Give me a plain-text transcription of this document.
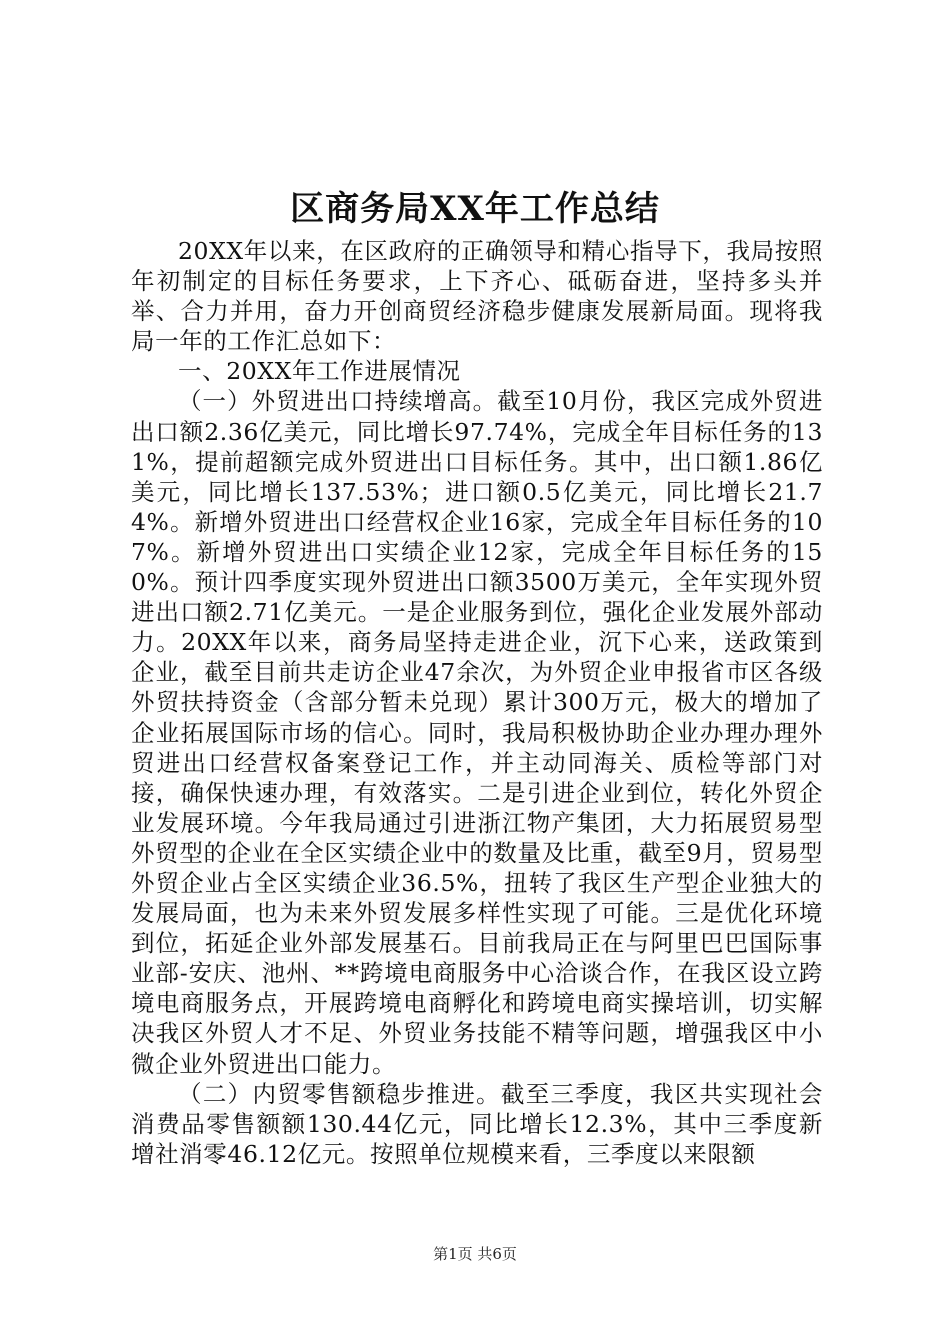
区商务局XX年工作总结

20XX年以来，在区政府的正确领导和精心指导下，我局按照年初制定的目标任务要求，上下齐心、砥砺奋进，坚持多头并举、合力并用，奋力开创商贸经济稳步健康发展新局面。现将我局一年的工作汇总如下：

一、20XX年工作进展情况

（一）外贸进出口持续增高。截至10月份，我区完成外贸进出口额2.36亿美元，同比增长97.74%，完成全年目标任务的131%，提前超额完成外贸进出口目标任务。其中，出口额1.86亿美元，同比增长137.53%；进口额0.5亿美元，同比增长21.74%。新增外贸进出口经营权企业16家，完成全年目标任务的107%。新增外贸进出口实绩企业12家，完成全年目标任务的150%。预计四季度实现外贸进出口额3500万美元，全年实现外贸进出口额2.71亿美元。一是企业服务到位，强化企业发展外部动力。20XX年以来，商务局坚持走进企业，沉下心来，送政策到企业，截至目前共走访企业47余次，为外贸企业申报省市区各级外贸扶持资金（含部分暂未兑现）累计300万元，极大的增加了企业拓展国际市场的信心。同时，我局积极协助企业办理办理外贸进出口经营权备案登记工作，并主动同海关、质检等部门对接，确保快速办理，有效落实。二是引进企业到位，转化外贸企业发展环境。今年我局通过引进浙江物产集团，大力拓展贸易型外贸型的企业在全区实绩企业中的数量及比重，截至9月，贸易型外贸企业占全区实绩企业36.5%，扭转了我区生产型企业独大的发展局面，也为未来外贸发展多样性实现了可能。三是优化环境到位，拓延企业外部发展基石。目前我局正在与阿里巴巴国际事业部-安庆、池州、**跨境电商服务中心洽谈合作，在我区设立跨境电商服务点，开展跨境电商孵化和跨境电商实操培训，切实解决我区外贸人才不足、外贸业务技能不精等问题，增强我区中小微企业外贸进出口能力。

（二）内贸零售额稳步推进。截至三季度，我区共实现社会消费品零售额额130.44亿元，同比增长12.3%，其中三季度新增社消零46.12亿元。按照单位规模来看，三季度以来限额

第1页 共6页
